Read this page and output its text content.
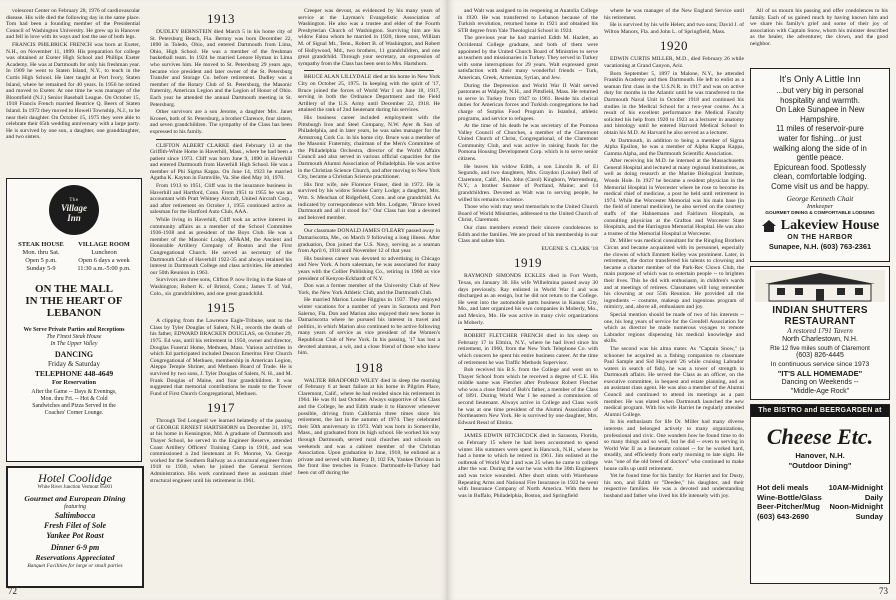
volescent Center on February 28, 1976 of cardiovascular disease. His wife died the following day in the same place. Tom had been a founding member of the Presidential Council of Washington University. He grew up in Hanover and fell in love with its ways and lost the use of both legs.

FRANCIS PHILBRICK FRENCH was born at Exeter, N.H., on November 11, 1899. His preparation for college was obtained at Exeter High School and Phillips Exeter Academy. He was at Dartmouth for only his freshman year. In 1909 he went to Staten Island, N.Y., to teach in the Curtis High School. He later taught at Port Ivory, Staten Island, where he remained for 40 years. In 1956 he retired and moved to Exeter. At one time he was manager of the Bloomfield (N.J.) Senior Baseball League. On October 15, 1918 Francis French married Beatrice Q. Beers of Staten Island. In 1972 they moved to Howell Township, N.J., to be near their daughter. On October 15, 1975 they were able to celebrate their 65th wedding anniversary with a large party. He is survived by one son, a daughter, one granddaughter, and two sisters.

The
Village
Inn
STEAK HOUSE
Mon. thru Sat.
Open 5 p.m.
Sunday 5-9
VILLAGE ROOM
Luncheon
Open 6 days a week
11:30 a.m.-5:00 p.m.
ON THE MALL
IN THE HEART OF
LEBANON
We Serve Private Parties and Receptions
The Finest Steak House
In The Upper Valley
DANCING
Friday & Saturday
TELEPHONE 448-4649
For Reservation
After the Game -- Days & Evenings,
Mon. thru Fri. -- Hot & Cold
Sandwiches and Pizza Served in the
Coaches' Corner Lounge.
Hotel Coolidge
White River Junction Vermont 05001
Gourmet and European Dining
featuring
Saltimbocca
Fresh Filet of Sole
Yankee Pot Roast
Dinner 6-9 pm
Reservations Appreciated
Banquet Facilities for large or small parties
1913

DUDLEY BERNSTEIN died March 5 in his home city of St. Petersburg Beach, Fla. Bernny was born December 22, 1890 in Toledo, Ohio, and entered Dartmouth from Lima, Ohio, High School. He was a member of the freshman basketball team. In 1924 he married Lenore Hyman in Lima who survives him. He moved to St. Petersburg 29 years ago, became vice president and later owner of the St. Petersburg Transfer and Storage Co. before retirement. Dudley was a member of the Rotary Club of St. Petersburg, the Masonic fraternity, American Legion and the Legion of Honor of Ohio. Each year he attended the annual Dartmouth meeting in St. Petersburg.

Other survivors are a son Jerome, a daughter Mrs. Janet Kronen, both of St. Petersburg, a brother Clarence, four sisters, and seven grandchildren. The sympathy of the Class has been expressed to his family.

CLIFTON ALBERT CLARKE died February 13 at the Griffith-White Home in Haverhill, Mass., where he had been a patient since 1973. Cliff was born June 9, 1890 in Haverhill and entered Dartmouth from Haverhill High School. He was a member of Phi Sigma Kappa. On June 14, 1923 he married Agatha K. Kayton in Farmville, Va. She died May 10, 1970.

From 1913 to 1951, Cliff was in the insurance business in Haverhill and Hartford, Conn. From 1951 to 1955 he was an accountant with Pratt Whitney Aircraft, United Aircraft Corp., and after retirement on October 1, 1955 continued active as salesman for the Hartford Auto Club, AAA.

While living in Haverhill, Cliff took an active interest in community affairs as a member of the School Committee 1936-1938 and as president of the Boys Club. He was a member of the Masonic Lodge, AF&AM, the Ancient and Honorable Artillery Company of Boston and the First Congregational Church. He served as secretary of the Dartmouth Club of Haverhill 1922-35 and always retained his interest in Dartmouth College and class activities. He attended our 50th Reunion in 1963.

Survivors are three sons, Clifton P. now living in the State of Washington; Robert K. of Bristol, Conn.; James T. of Vail, Colo., six grandchildren, and one great grandchild.

1915

A clipping from the Lawrence Eagle-Tribune, sent to the Class by Tyler Douglas of Salem, N.H., records the death of his father, EDWARD BRACKEN DOUGLAS, on October 29, 1975. Ed was, until his retirement in 1950, owner and director, Douglas Funeral Home, Methuen, Mass. Various activities in which Ed participated included Deacon Emeritus First Church Congregational of Methuen, membership in American Legion, Aleppo Temple Shriner, and Methuen Board of Trade. He is survived by two sons, J. Tyler Douglas of Salem, N. H., and M. Frank Douglas of Maine, and four grandchildren. It was suggested that memorial contributions be made to the Tower Fund of First Church Congregational, Methuen.

1917

Through Ted Longueil we learned belatedly of the passing of GEORGE ERNEST HARTSHORN on December 31, 1975 at his home in Kensington, Md. A graduate of Dartmouth and Thayer School, he served in the Engineer Reserve, attended Coast Artillery Officers' Training Camp in 1918, and was commissioned a 2nd lieutenant at Ft. Monroe, Va. George worked for the Southern Railway as a structural engineer from 1918 to 1930, when he joined the General Services Administration. His work continued there as assistant chief structural engineer until his retirement in 1961.

Creeper was devout, as evidenced by his many years of service at the Layman's Evangelistic Association of Washington. He also was a trustee and elder of the Fourth Presbyterian Church of Washington. Surviving him are his widow Falou whom he married in 1920, three sons, William M. of Signal Mt., Tenn., Robert B. of Washington, and Robert of Hollywood, Md., two brothers, 11 grandchildren, and one great grandchild. Through your secretary, an expression of sympathy from the Class has been sent to Mrs. Hartshorn.

BRUCE ALAN LILLYDALE died at his home in New York City on October 25, 1975. In keeping with the spirit of '17, Bruce joined the forces of World War I on June 18, 1917, serving in both the Ordnance Department and the Field Artillery of the U.S. Army until December 22, 1918. He attained the rank of 2nd lieutenant during his services.

His business career included employment with the Pittsburgh Iron and Steel Company, N.W. Ayer & Son of Philadelphia, and in later years, he was sales manager for the Armstrong Cork Co. in his home city. Bruce was a member of the Masonic Fraternity, chairman of the Men's Committee of the Philadelphia Orchestra, director of the World Affairs Council and also served in various official capacities for the Dartmouth Alumni Association of Philadelphia. He was active in the Christian Science Church, and after moving to New York City, became a Christian Science practitioner.

His first wife, née Florence Fraser, died in 1972. He is survived by his widow Smoke Curry Lodge; a daughter, Mrs. Wm. S. Meachan of Ridgefield, Conn. and one grandchild. As indicated by correspondence with Mrs. Lodgate, "Bruce loved Dartmouth and all it stood for." Our Class has lost a devoted and beloved member.

Our classmate DONALD JAMES O'LEARY passed away in Damariscotta, Me., on March 9 following a long illness. After graduation, Don joined the U.S. Navy, serving as a seaman from April 6, 1918 until November 12 of that year.

His business career was devoted to advertising in Chicago and New York. A born salesman, he was associated for many years with the Collier Publishing Co., retiring in 1960 as vice president of Kenyon-Eckhardt of N.Y.

Don was a former member of the University Club of New York, the New York Athletic Club, and the Dartmouth Club.

He married Marion Louise Higgins in 1937. They enjoyed winter vacations for a number of years in Sarasota and Port Salerno, Fla. Don and Marion also enjoyed their new home in Damariscotta where he pursued his interest in travel and politics, in which Marion also continued to be active following many years of service as vice president of the Women's Republican Club of New York. In his passing, '17 has lost a devoted alumnus, a wit, and a close friend of those who knew him.

1918

WALTER BRADFORD WILEY died in sleep the morning of February 6 at heart failure at his home in Pilgrim Place, Claremont, Calif., where he had resided since his retirement in 1964. He was 81 last October. Always supportive of his Class and the College, he and Edith made it to Hanover whenever possible, driving from California three times since his retirement, the last in the autumn of 1974. They celebrated their 50th anniversary in 1973. Walt was born in Somerville, Mass., and graduated from its high school. He worked his way through Dartmouth, served rural churches and schools on weekends and was a cabinet member of the Christian Association. Upon graduation in June, 1918, he enlisted as a private and served with Battery D, 102 FA, Yankee Division in the front line trenches in France. Dartmouth-In-Turkey had been cut off during the

72

and Walt was assigned to its reopening at Anatolia College in 1920. He was transferred to Lebanon because of the Turkish revolution, returned home in 1921 and obtained his STB degree from Yale Theological School in 1924.

The previous year he had married Edith M. Hazlett, an Occidental College graduate, and both of them were appointed by the United Church Board of Ministries to serve as teachers and missionaries in Turkey. They served in Turkey with some interruptions for 29 years. Walt expressed great satisfaction with their many wonderful friends -- Turk, American, Greek, Armenian, Syrian, and Jew.

During the Depression and World War II Walt served pastorates at Walpole, N.H., and Pittsfield, Mass. He returned to serve in Turkey from 1947 to 1961. Beside his clerical duties for American forces and Turkish congregations he had charge of Surplus Food Program in Istanbul, athletic programs, and service to refugees.

At the time of his death he was secretary of the Pomona Valley Council of Churches, a member of the Claremont United Church of Christ, Congregational, of the Claremont Community Club, and was active in raising funds for the Pomona Housing Development Corp. which is to serve senior citizens.

He leaves his widow Edith, a son Lincoln R. of El Segundo, and two daughters, Mrs. Graydon (Louise) Bell of Claremont, Calif., Mrs. John (Carol) Kingborn, Warrensburg, N.Y.; a brother Sumner of Portland, Maine; and 14 grandchildren. Devoted as Walt was to serving people, he willed his remains to science.

Those who wish may send memorials to the United Church Board of World Ministries, addressed to the United Church of Christ, Claremont.

Our class members extend their sincere condolences to Edith and the families. We are proud of his membership in our Class and salute him.

EUGENE S. CLARK '18
1919

RAYMOND SIMONDS ECKLES died in Fort Worth, Texas, on January 30. His wife Wilhelmina passed away 30 days previously. Ray enlisted in World War I and was discharged as an ensign, but he did not return to the College. He went into the automobile parts business in Kansas City, Mo., and later organized his own companies in Moberly, Mo., and Mexico, Mo. He was active in many civic organizations in Moberly.

ROBERT FLETCHER FRENCH died in his sleep on February 17 in Elmira, N.Y., where he had lived since his retirement, in 1960, from the New York Telephone Co. with which concern he spent his entire business career. At the time of retirement he was Traffic Methods Supervisor.

Bob received his B.S. from the College and went on to Thayer School from which he received a degree of C.E. His middle name was Fletcher after Professor Robert Fletcher who was a close friend of Bob's father, a member of the Class of 1891. During World War I he earned a commission of second lieutenant. Always active in College and Class work he was at one time president of the Alumni Association of Northeastern New York. He is survived by one daughter, Mrs. Edward Ressl of Elmira.

JAMES EDWIN HITCHCOCK died in Sarasota, Florida, on February 15 where he had been accustomed to spend winter. His summers were spent in Hancock, N.H., where he had a home to which he retired in 1961. Jim enlisted at the outbreak of World War I and was 25 when he came to college after the war. During the war he was with the 30th Engineers and was twice wounded. After short stints with Warehouse Repeating Arms and National Fire Insurance in 1922 he went with Insurance Company of North America. With them he was in Buffalo, Philadelphia, Boston, and Springfield

where he was manager of the New England Service until his retirement.

He is survived by his wife Helen; and two sons; David J. of Wilton Manors, Fla. and John L. of Springfield, Mass.

1920

EDWIN CURTIS MILLER, M.D., died February 26 while vacationing at Grand Canyon, Ariz.

Born September 5, 1897 in Malone, N.Y., he attended Franklin Academy and then Dartmouth. He left to enlist as a seaman first class in the U.S.N.R. in 1917 and was on active duty for months in the Atlantic until he was transferred to the Dartmouth Naval Unit in October 1918 and continued his studies in the Medical School for a two-year course. As a result of his excellent performance the Medical Faculty solicited his help from 1920 to 1923 as a lecturer in anatomy and histology until he entered Harvard Medical School to obtain his M.D. At Harvard he also served as a lecturer.

At Dartmouth, in addition to being a member of Sigma Alpha Epsilon, he was a member of Alpha Kappa Kappa, Gamma Alpha, and the Dartmouth Scientific Association.

After receiving his M.D. he interned at the Massachusetts General Hospital and lectured at many regional institutions, as well as doing research at the Marine Biological Institute, Woods Hole. In 1927 he became a resident physician in the Memorial Hospital in Worcester where he rose to become its medical chief of medicine, a post he held until retirement in 1974. While the Worcester Memorial was his main base (in the field of internal medicine), he also served on the courtesy staffs of the Hahnemann and Fairlawn Hospitals, as consulting physician at the Grafton and Worcester State Hospitals, and the Harrington Memorial Hospital. He was also a trustee of the Memorial Hospital at Worcester.

Dr. Miller was medical consultant for the Ringling Brothers Circus and became acquainted with its personnel, especially the clowns of which Emmett Kelley was prominent. Later, in retirement, the doctor transferred his talents to clowning and became a charter member of the Park-Rec Clown Club, the main purpose of which was to entertain people -- to brighten their lives. This he did with enthusiasm, in children's wards and at meetings of retirees. Classmates will long remember his clowning at our 55th Reunion. He provided all the ingredients -- costume, makeup and ingenious program of mimicry, and, above all, enthusiasm and joy.

Special mention should be made of two of his interests -- one, his long years of service for the Grenfell Association for which as director he made numerous voyages to remote Labrador regions dispensing his medical knowledge and skills.

The second was his alma mater. As "Captain Snow," (a schooner he acquired as a fishing companion to classmate Paul Sample and Sid Hayward '26 while cruising Labrador waters in search of fish), he was a tower of strength in Dartmouth affairs. He served the Class as an officer, on the executive committee, in bequest and estate planning, and as an assistant class agent. He was also a member of the Alumni Council and continued to attend its meetings as a past member. He was elated when Dartmouth launched the new medical program. With his wife Harriet he regularly attended Alumni College.

In his enthusiasm for life Dr. Miller had many diverse interests and belonged actively to many organizations, professional and civic. One wonders how he found time to do so many things and so well, but he did -- even to serving in World War II as a lieutenant colonel -- for he worked hard, steadily, and efficiently from early morning to late night. He was "one of the old breed of doctors" who continued to make house calls up until retirement.

Yet he found time for his family: for Harriet and for Dusty, his son, and Edith or "Deedee," his daughter, and their respective families. He was a devoted and understanding husband and father who lived his life intensely with joy.

All of us mourn his passing and offer condolences to his family. Each of us gained much by having known him and we share his family's grief and some of their joy of association with Captain Snow, whom his minister described as the healer, the adventurer, the clown, and the good neighbor.

It's Only A Little Inn
...but very big in personal
hospitality and warmth.
On Lake Sunapee in New
Hampshire.
11 miles of reservoir-pure
water for fishing...or just
walking along the side of in
gentle peace.
Epicurean food. Spotlessly
clean, comfortable lodging.
Come visit us and be happy.
George Kenneth Chait
Innkeeper
GOURMET DINING & COMFORTABLE LODGING
Lakeview House
ON THE HARBOR
Sunapee, N.H. (603) 763-2361
INDIAN SHUTTERS
RESTAURANT
A restored 1791 Tavern
North Charlestown, N.H.
Rte 12 five miles south of Claremont
(603) 826-4445
In continuous service since 1973
"IT'S ALL HOMEMADE"
Dancing on Weekends --
"Middle-Age Rock"
The BISTRO and BEERGARDEN at
Cheese Etc.
Hanover, N.H.
"Outdoor Dining"
Hot deli meals
Wine-Bottle/Glass
Beer-Pitcher/Mug
(603) 643-2690
10AM-Midnight
Daily
Noon-Midnight
Sunday
73
